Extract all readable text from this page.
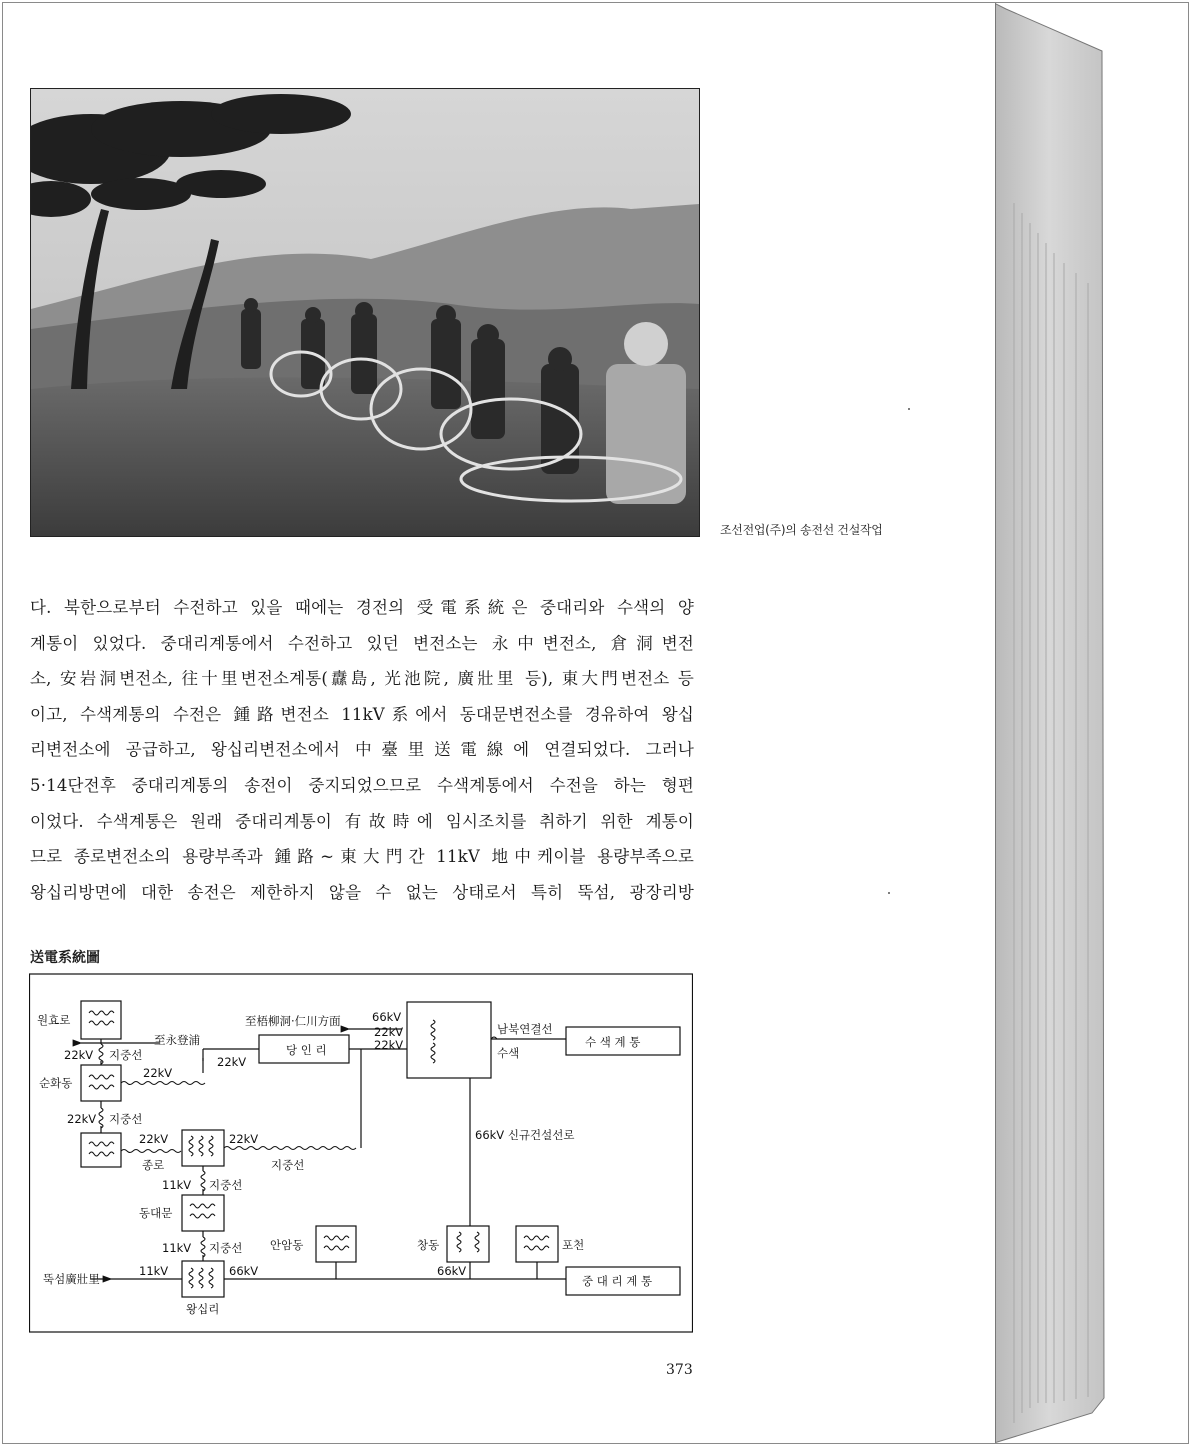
조선전업(주)의 송전선 건설작업
다. 북한으로부터 수전하고 있을 때에는 경전의 受電系統은 중대리와 수색의 양
계통이 있었다. 중대리계통에서 수전하고 있던 변전소는 永中변전소, 倉洞변전
소, 安岩洞변전소, 往十里변전소계통(纛島, 光池院, 廣壯里 등), 東大門변전소 등
이고, 수색계통의 수전은 鍾路변전소 11kV系에서 동대문변전소를 경유하여 왕십
리변전소에 공급하고, 왕십리변전소에서 中臺里送電線에 연결되었다. 그러나
5·14단전후 중대리계통의 송전이 중지되었으므로 수색계통에서 수전을 하는 형편
이었다. 수색계통은 원래 중대리계통이 有故時에 임시조치를 취하기 위한 계통이
므로 종로변전소의 용량부족과 鍾路~東大門간 11kV 地中케이블 용량부족으로
왕십리방면에 대한 송전은 제한하지 않을 수 없는 상태로서 특히 뚝섬, 광장리방
送電系統圖
원효로
至永登浦
至梧柳洞·仁川方面	66kV
22kV
22kV
당 인 리
22kV
남북연결선
수색
수 색 계 통
22kV 지중선
순화동
22kV
22kV 지중선
22kV
종로
22kV
지중선
66kV 신규건설선로
11kV 지중선
동대문
11kV 지중선 안암동	창동	포천
뚝섬廣壯里
11kV	66kV	66kV
왕십리
중 대 리 계 통
373
